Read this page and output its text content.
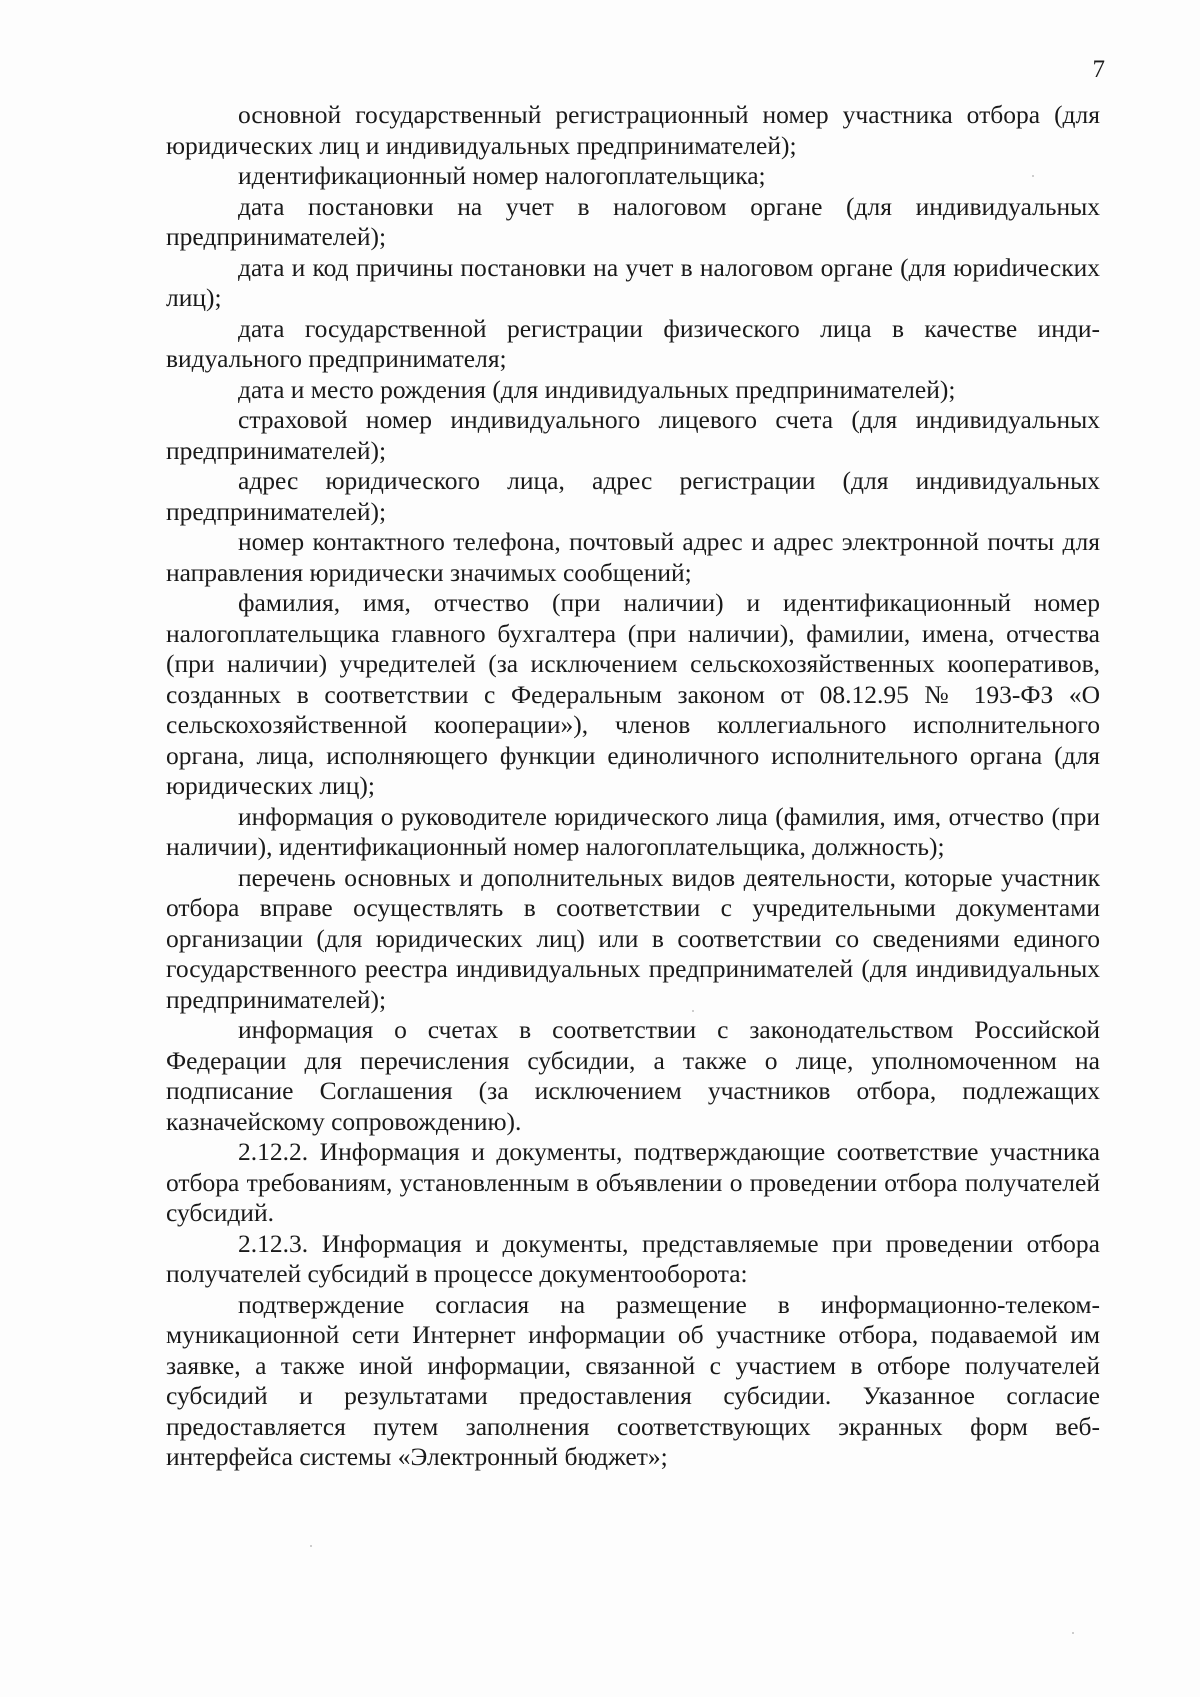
7

основной государственный регистрационный номер участника отбора (для юридических лиц и индивидуальных предпринимателей);

идентификационный номер налогоплательщика;

дата постановки на учет в налоговом органе (для индивидуальных предпринимателей);

дата и код причины постановки на учет в налоговом органе (для юриdических лиц);

дата государственной регистрации физического лица в качестве индивидуального предпринимателя;

дата и место рождения (для индивидуальных предпринимателей);

страховой номер индивидуального лицевого счета (для индивидуальных предпринимателей);

адрес юридического лица, адрес регистрации (для индивидуальных предпринимателей);

номер контактного телефона, почтовый адрес и адрес электронной почты для направления юридически значимых сообщений;

фамилия, имя, отчество (при наличии) и идентификационный номер налогоплательщика главного бухгалтера (при наличии), фамилии, имена, отчества (при наличии) учредителей (за исключением сельскохозяйственных кооперативов, созданных в соответствии с Федеральным законом от 08.12.95 № 193-ФЗ «О сельскохозяйственной кооперации»), членов коллегиального исполнительного органа, лица, исполняющего функции единоличного исполнительного органа (для юридических лиц);

информация о руководителе юридического лица (фамилия, имя, отчество (при наличии), идентификационный номер налогоплательщика, должность);

перечень основных и дополнительных видов деятельности, которые участник отбора вправе осуществлять в соответствии с учредительными документами организации (для юридических лиц) или в соответствии со сведениями единого государственного реестра индивидуальных предпринимателей (для индивидуальных предпринимателей);

информация о счетах в соответствии с законодательством Российской Федерации для перечисления субсидии, а также о лице, уполномоченном на подписание Соглашения (за исключением участников отбора, подлежащих казначейскому сопровождению).

2.12.2. Информация и документы, подтверждающие соответствие участника отбора требованиям, установленным в объявлении о проведении отбора получателей субсидий.

2.12.3. Информация и документы, представляемые при проведении отбора получателей субсидий в процессе документооборота:

подтверждение согласия на размещение в информационно-телекоммуникационной сети Интернет информации об участнике отбора, подаваемой им заявке, а также иной информации, связанной с участием в отборе получателей субсидий и результатами предоставления субсидии. Указанное согласие предоставляется путем заполнения соответствующих экранных форм веб-интерфейса системы «Электронный бюджет»;
